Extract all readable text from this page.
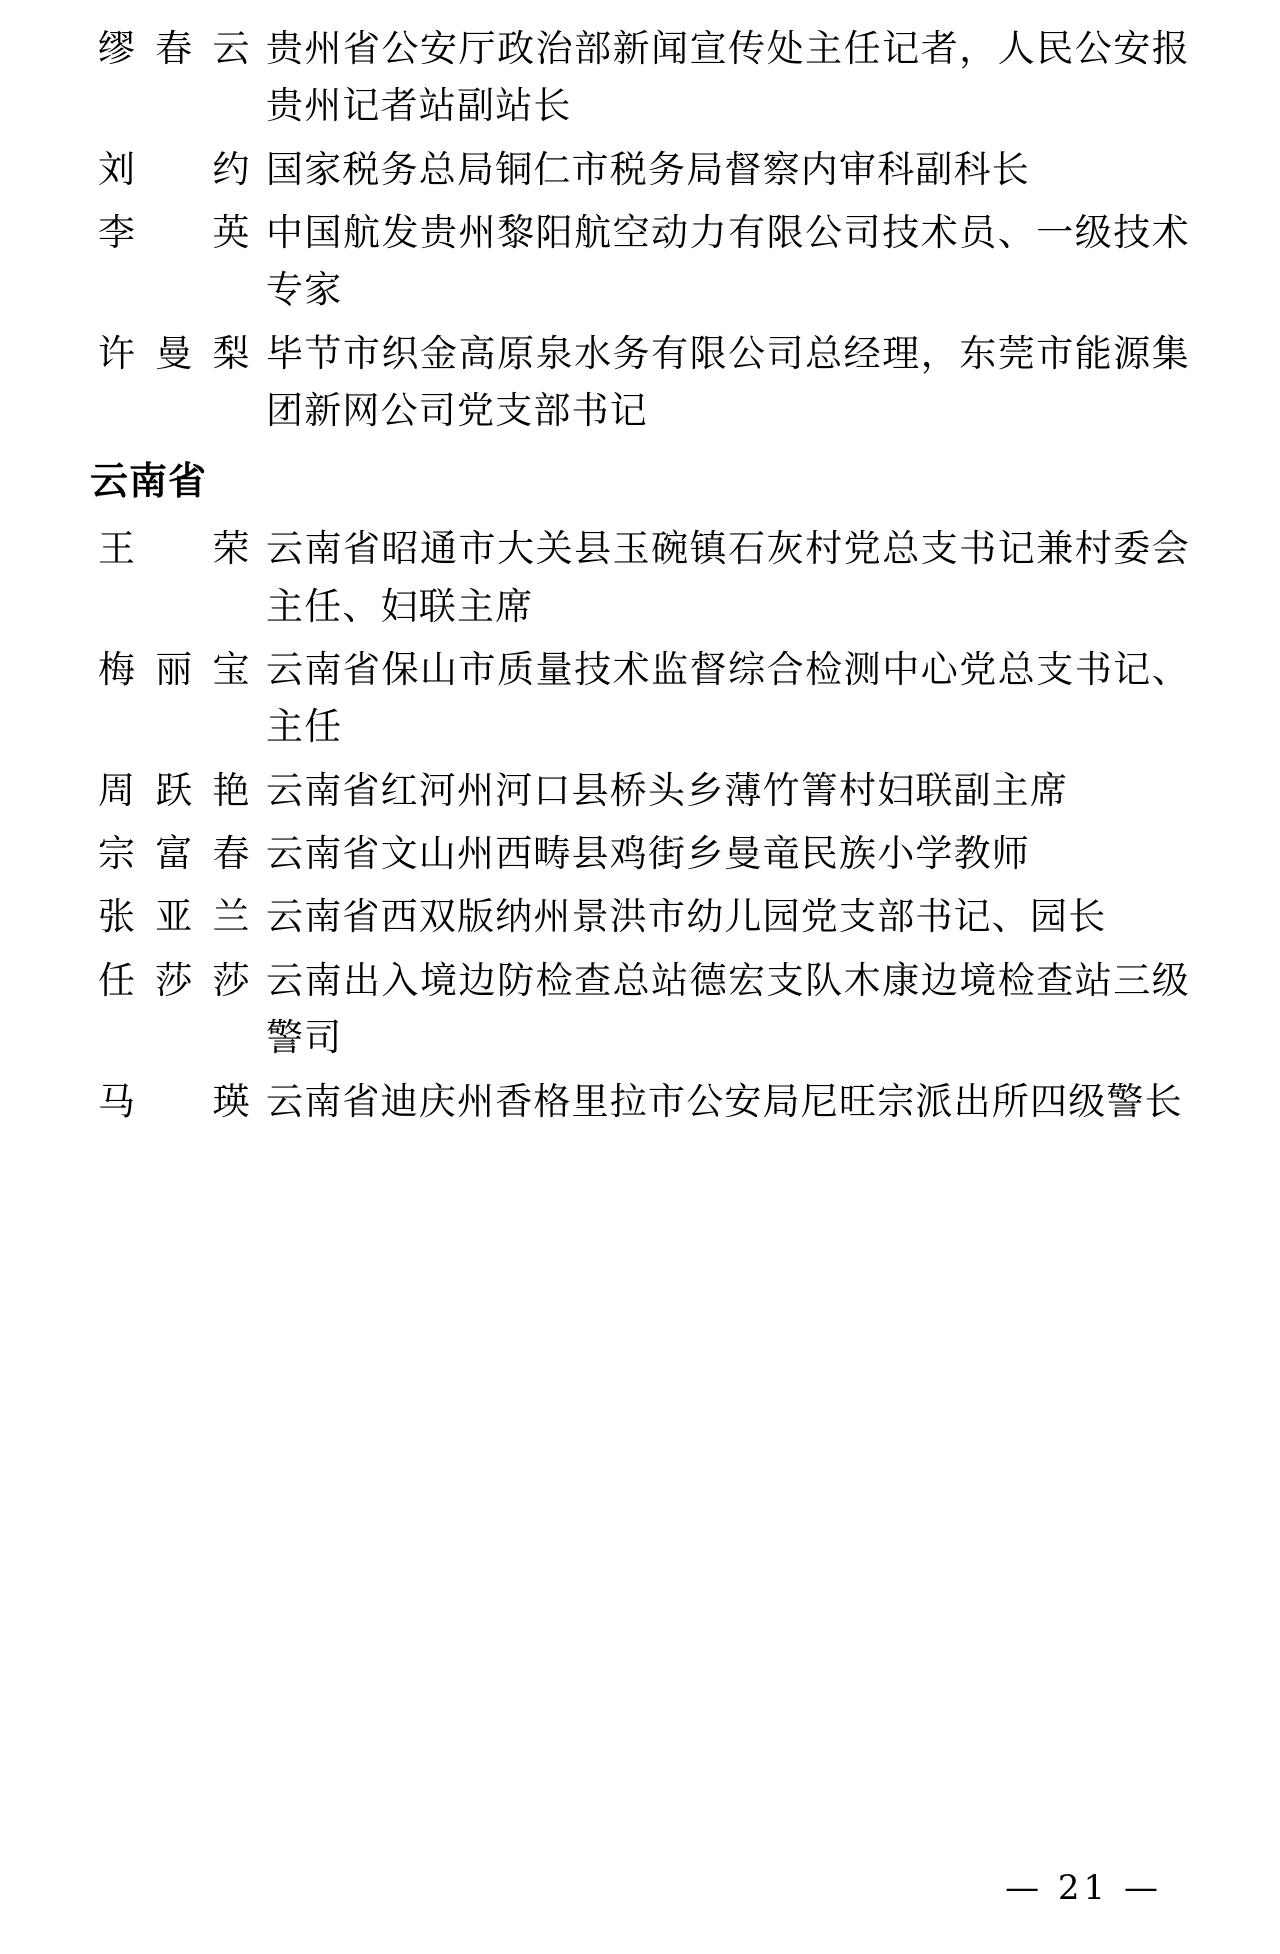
缪春云 贵州省公安厅政治部新闻宣传处主任记者，人民公安报贵州记者站副站长
刘　约 国家税务总局铜仁市税务局督察内审科副科长
李　英 中国航发贵州黎阳航空动力有限公司技术员、一级技术专家
许曼梨 毕节市织金高原泉水务有限公司总经理，东莞市能源集团新网公司党支部书记
云南省
王　荣 云南省昭通市大关县玉碗镇石灰村党总支书记兼村委会主任、妇联主席
梅丽宝 云南省保山市质量技术监督综合检测中心党总支书记、主任
周跃艳 云南省红河州河口县桥头乡薄竹箐村妇联副主席
宗富春 云南省文山州西畴县鸡街乡曼竜民族小学教师
张亚兰 云南省西双版纳州景洪市幼儿园党支部书记、园长
任莎莎 云南出入境边防检查总站德宏支队木康边境检查站三级警司
马　瑛 云南省迪庆州香格里拉市公安局尼旺宗派出所四级警长
— 21 —
